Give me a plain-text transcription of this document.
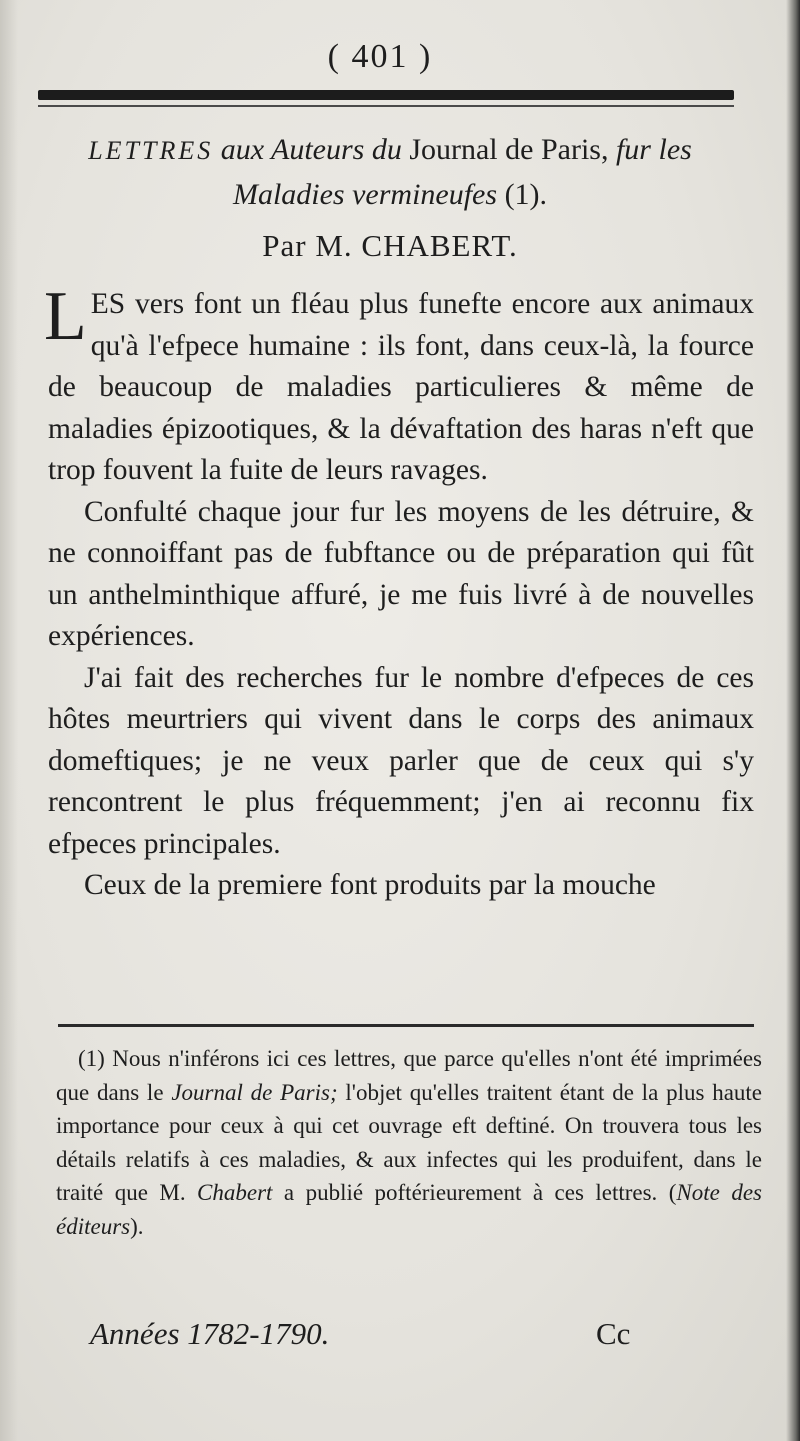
( 401 )
LETTRES aux Auteurs du Journal de Paris, fur les Maladies vermineufes (1).
Par M. CHABERT.

LES vers font un fléau plus funefte encore aux animaux qu'à l'efpece humaine : ils font, dans ceux-là, la fource de beaucoup de maladies particulieres & même de maladies épizootiques, & la dévaftation des haras n'eft que trop fouvent la fuite de leurs ravages.

Confulté chaque jour fur les moyens de les détruire, & ne connoiffant pas de fubftance ou de préparation qui fût un anthelminthique affuré, je me fuis livré à de nouvelles expériences.

J'ai fait des recherches fur le nombre d'efpeces de ces hôtes meurtriers qui vivent dans le corps des animaux domeftiques; je ne veux parler que de ceux qui s'y rencontrent le plus fréquemment; j'en ai reconnu fix efpeces principales.

Ceux de la premiere font produits par la mouche

(1) Nous n'inférons ici ces lettres, que parce qu'elles n'ont été imprimées que dans le Journal de Paris; l'objet qu'elles traitent étant de la plus haute importance pour ceux à qui cet ouvrage eft deftiné. On trouvera tous les détails relatifs à ces maladies, & aux infectes qui les produifent, dans le traité que M. Chabert a publié poftérieurement à ces lettres. (Note des éditeurs).

Années 1782-1790.	Cc
